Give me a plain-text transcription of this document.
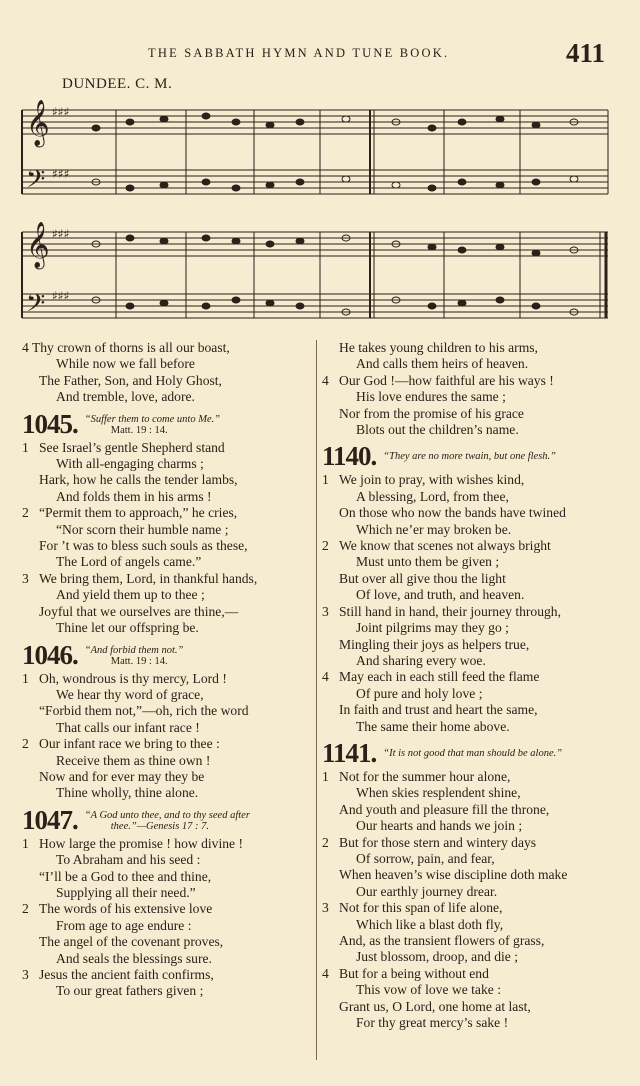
THE SABBATH HYMN AND TUNE BOOK.	411
DUNDEE. C. M.
𝄞
𝄢
𝄞
𝄢
♯♯♯
♯♯♯
♯♯♯
♯♯♯
4 Thy crown of thorns is all our boast,
While now we fall before
The Father, Son, and Holy Ghost,
And tremble, love, adore.
1045 . “Suffer them to come unto Me.”
Matt. 19 : 14.
1 See Israel’s gentle Shepherd stand
With all-engaging charms ;
Hark, how he calls the tender lambs,
And folds them in his arms !
2 “Permit them to approach,” he cries,
“Nor scorn their humble name ;
For ’t was to bless such souls as these,
The Lord of angels came.”
3 We bring them, Lord, in thankful hands,
And yield them up to thee ;
Joyful that we ourselves are thine,—
Thine let our offspring be.
1046 . “And forbid them not.”
Matt. 19 : 14.
1 Oh, wondrous is thy mercy, Lord !
We hear thy word of grace,
“Forbid them not,”—oh, rich the word
That calls our infant race !
2 Our infant race we bring to thee :
Receive them as thine own !
Now and for ever may they be
Thine wholly, thine alone.
1047 . “A God unto thee, and to thy seed after
thee.”—Genesis 17 : 7.
1 How large the promise ! how divine !
To Abraham and his seed :
“I’ll be a God to thee and thine,
Supplying all their need.”
2 The words of his extensive love
From age to age endure :
The angel of the covenant proves,
And seals the blessings sure.
3 Jesus the ancient faith confirms,
To our great fathers given ;
He takes young children to his arms,
And calls them heirs of heaven.
4 Our God !—how faithful are his ways !
His love endures the same ;
Nor from the promise of his grace
Blots out the children’s name.
1140 . “They are no more twain, but one flesh.”
1 We join to pray, with wishes kind,
A blessing, Lord, from thee,
On those who now the bands have twined
Which ne’er may broken be.
2 We know that scenes not always bright
Must unto them be given ;
But over all give thou the light
Of love, and truth, and heaven.
3 Still hand in hand, their journey through,
Joint pilgrims may they go ;
Mingling their joys as helpers true,
And sharing every woe.
4 May each in each still feed the flame
Of pure and holy love ;
In faith and trust and heart the same,
The same their home above.
1141 . “It is not good that man should be alone.”
1 Not for the summer hour alone,
When skies resplendent shine,
And youth and pleasure fill the throne,
Our hearts and hands we join ;
2 But for those stern and wintery days
Of sorrow, pain, and fear,
When heaven’s wise discipline doth make
Our earthly journey drear.
3 Not for this span of life alone,
Which like a blast doth fly,
And, as the transient flowers of grass,
Just blossom, droop, and die ;
4 But for a being without end
This vow of love we take :
Grant us, O Lord, one home at last,
For thy great mercy’s sake !
